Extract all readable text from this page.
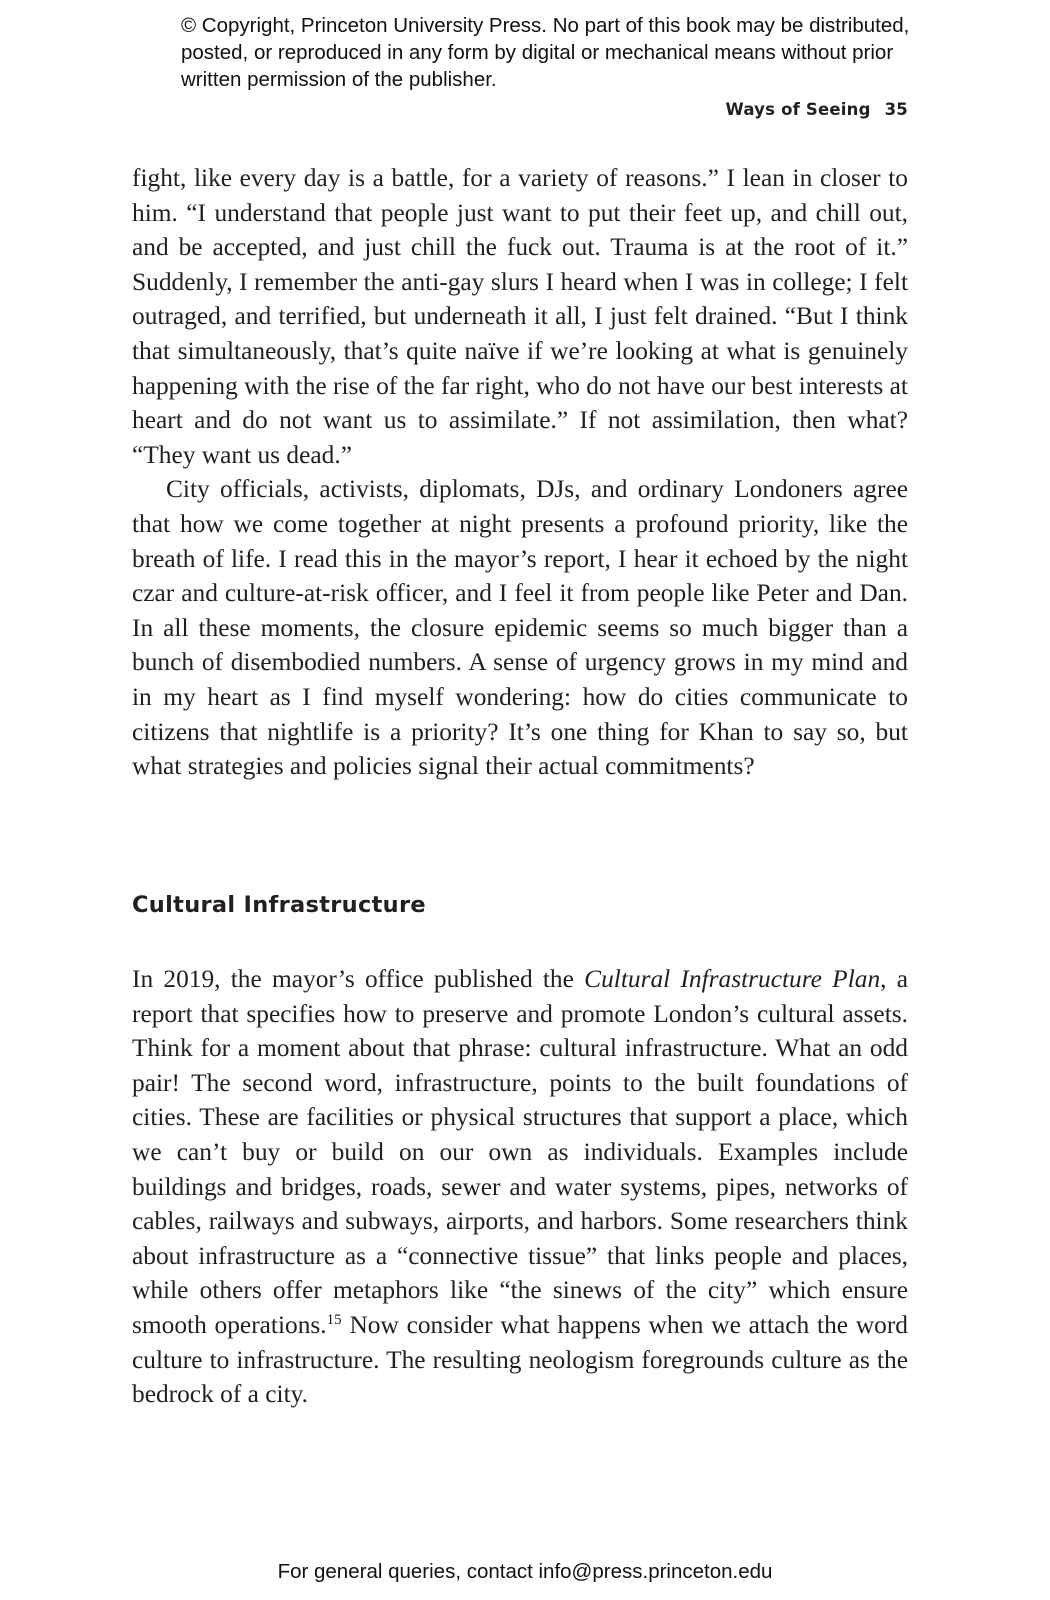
© Copyright, Princeton University Press. No part of this book may be distributed, posted, or reproduced in any form by digital or mechanical means without prior written permission of the publisher.
Ways of Seeing 35

fight, like every day is a battle, for a variety of reasons.” I lean in closer to him. “I understand that people just want to put their feet up, and chill out, and be accepted, and just chill the fuck out. Trauma is at the root of it.” Suddenly, I remember the anti-gay slurs I heard when I was in college; I felt outraged, and terrified, but underneath it all, I just felt drained. “But I think that simultaneously, that’s quite naïve if we’re looking at what is genuinely happening with the rise of the far right, who do not have our best interests at heart and do not want us to assimilate.” If not assimilation, then what? “They want us dead.”

City officials, activists, diplomats, DJs, and ordinary Londoners agree that how we come together at night presents a profound priority, like the breath of life. I read this in the mayor’s report, I hear it echoed by the night czar and culture-at-risk officer, and I feel it from people like Peter and Dan. In all these moments, the closure epidemic seems so much bigger than a bunch of disembodied numbers. A sense of urgency grows in my mind and in my heart as I find myself wondering: how do cities communicate to citizens that nightlife is a priority? It’s one thing for Khan to say so, but what strategies and policies signal their actual commitments?

Cultural Infrastructure

In 2019, the mayor’s office published the Cultural Infrastructure Plan, a report that specifies how to preserve and promote London’s cultural assets. Think for a moment about that phrase: cultural infrastructure. What an odd pair! The second word, infrastructure, points to the built foundations of cities. These are facilities or physical structures that support a place, which we can’t buy or build on our own as individuals. Examples include buildings and bridges, roads, sewer and water systems, pipes, networks of cables, railways and subways, airports, and harbors. Some researchers think about infrastructure as a “connective tissue” that links people and places, while others offer metaphors like “the sinews of the city” which ensure smooth operations.$^{15}$ Now consider what happens when we attach the word culture to infrastructure. The resulting neologism foregrounds culture as the bedrock of a city.

For general queries, contact info@press.princeton.edu
